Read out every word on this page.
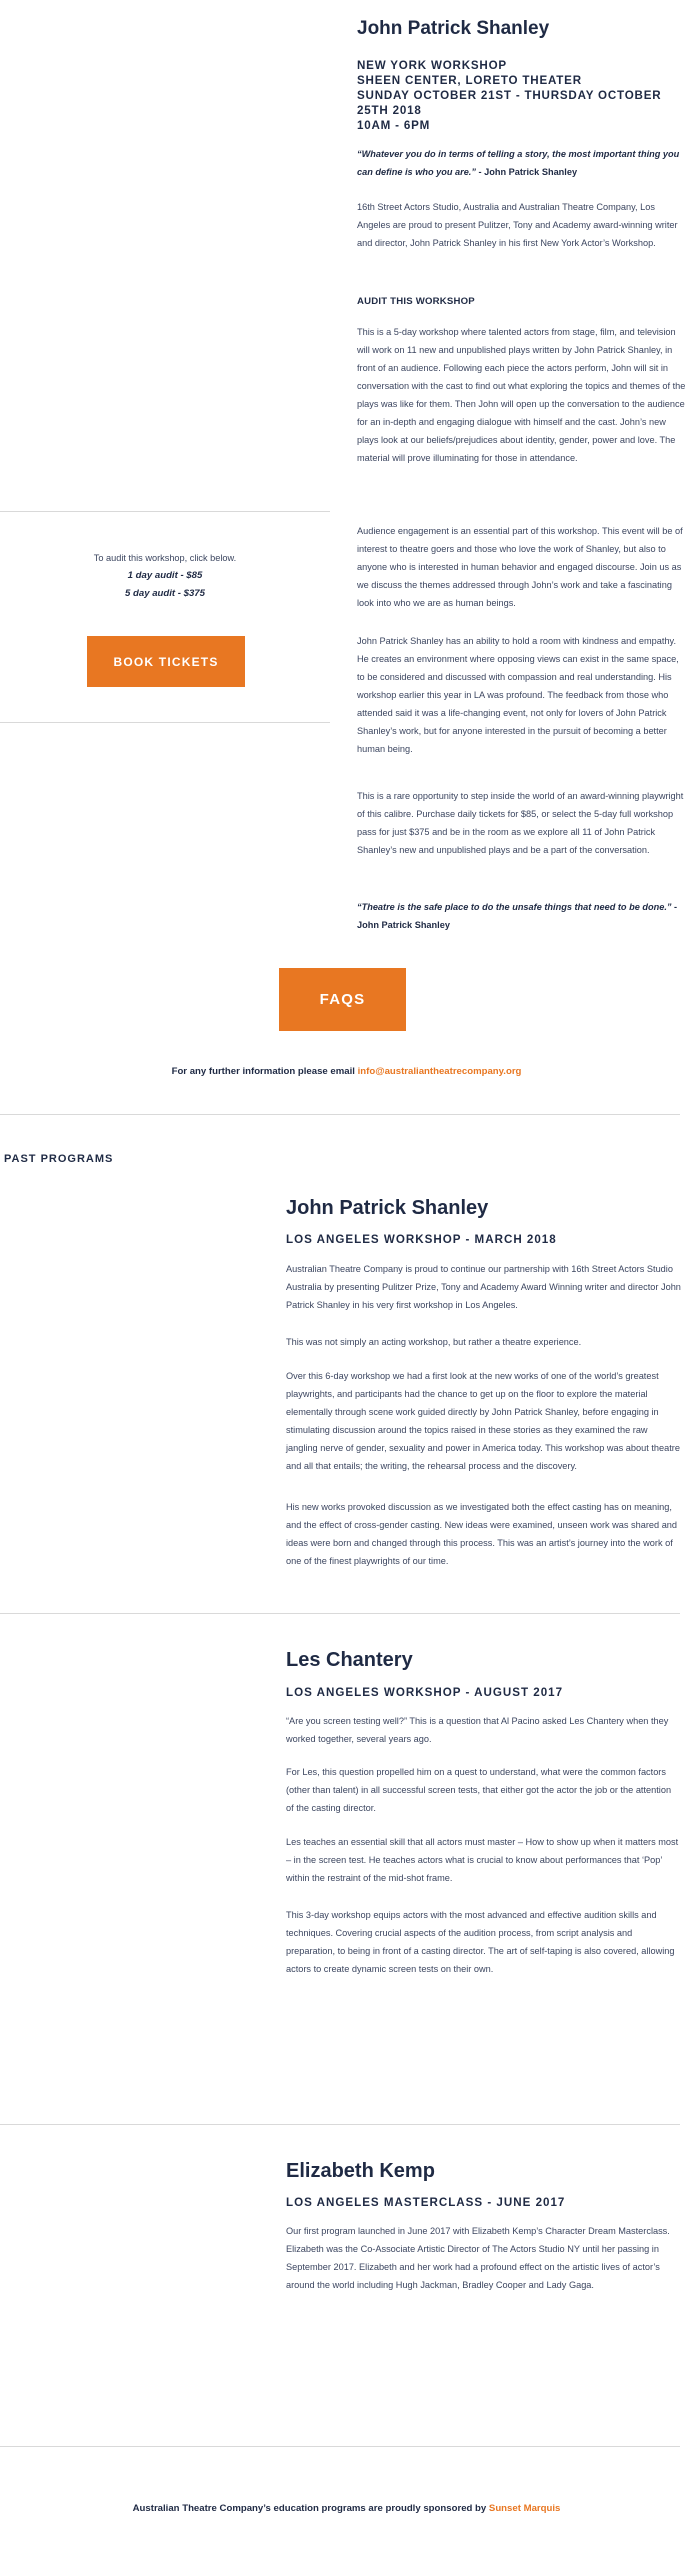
John Patrick Shanley
NEW YORK WORKSHOP
SHEEN CENTER, LORETO THEATER
SUNDAY OCTOBER 21ST - THURSDAY OCTOBER
25TH 2018
10AM - 6PM

“Whatever you do in terms of telling a story, the most important thing you can define is who you are.” - John Patrick Shanley

16th Street Actors Studio, Australia and Australian Theatre Company, Los Angeles are proud to present Pulitzer, Tony and Academy award-winning writer and director, John Patrick Shanley in his first New York Actor’s Workshop.

AUDIT THIS WORKSHOP

This is a 5-day workshop where talented actors from stage, film, and television will work on 11 new and unpublished plays written by John Patrick Shanley, in front of an audience. Following each piece the actors perform, John will sit in conversation with the cast to find out what exploring the topics and themes of the plays was like for them. Then John will open up the conversation to the audience for an in-depth and engaging dialogue with himself and the cast. John’s new plays look at our beliefs/prejudices about identity, gender, power and love. The material will prove illuminating for those in attendance.

Audience engagement is an essential part of this workshop. This event will be of interest to theatre goers and those who love the work of Shanley, but also to anyone who is interested in human behavior and engaged discourse. Join us as we discuss the themes addressed through John’s work and take a fascinating look into who we are as human beings.

John Patrick Shanley has an ability to hold a room with kindness and empathy. He creates an environment where opposing views can exist in the same space, to be considered and discussed with compassion and real understanding. His workshop earlier this year in LA was profound. The feedback from those who attended said it was a life-changing event, not only for lovers of John Patrick Shanley’s work, but for anyone interested in the pursuit of becoming a better human being.

This is a rare opportunity to step inside the world of an award-winning playwright of this calibre. Purchase daily tickets for $85, or select the 5-day full workshop pass for just $375 and be in the room as we explore all 11 of John Patrick Shanley’s new and unpublished plays and be a part of the conversation.

“Theatre is the safe place to do the unsafe things that need to be done.” - John Patrick Shanley

To audit this workshop, click below.
1 day audit - $85
5 day audit - $375
BOOK TICKETS
FAQS
For any further information please email info@australiantheatrecompany.org
PAST PROGRAMS
John Patrick Shanley
LOS ANGELES WORKSHOP - MARCH 2018

Australian Theatre Company is proud to continue our partnership with 16th Street Actors Studio Australia by presenting Pulitzer Prize, Tony and Academy Award Winning writer and director John Patrick Shanley in his very first workshop in Los Angeles.

This was not simply an acting workshop, but rather a theatre experience.

Over this 6-day workshop we had a first look at the new works of one of the world’s greatest playwrights, and participants had the chance to get up on the floor to explore the material elementally through scene work guided directly by John Patrick Shanley, before engaging in stimulating discussion around the topics raised in these stories as they examined the raw jangling nerve of gender, sexuality and power in America today. This workshop was about theatre and all that entails; the writing, the rehearsal process and the discovery.

His new works provoked discussion as we investigated both the effect casting has on meaning, and the effect of cross-gender casting. New ideas were examined, unseen work was shared and ideas were born and changed through this process. This was an artist’s journey into the work of one of the finest playwrights of our time.

Les Chantery
LOS ANGELES WORKSHOP - AUGUST 2017

“Are you screen testing well?” This is a question that Al Pacino asked Les Chantery when they worked together, several years ago.

For Les, this question propelled him on a quest to understand, what were the common factors (other than talent) in all successful screen tests, that either got the actor the job or the attention of the casting director.

Les teaches an essential skill that all actors must master – How to show up when it matters most – in the screen test. He teaches actors what is crucial to know about performances that ‘Pop’ within the restraint of the mid-shot frame.

This 3-day workshop equips actors with the most advanced and effective audition skills and techniques. Covering crucial aspects of the audition process, from script analysis and preparation, to being in front of a casting director. The art of self-taping is also covered, allowing actors to create dynamic screen tests on their own.

Elizabeth Kemp
LOS ANGELES MASTERCLASS - JUNE 2017

Our first program launched in June 2017 with Elizabeth Kemp’s Character Dream Masterclass. Elizabeth was the Co-Associate Artistic Director of The Actors Studio NY until her passing in September 2017. Elizabeth and her work had a profound effect on the artistic lives of actor’s around the world including Hugh Jackman, Bradley Cooper and Lady Gaga.

Australian Theatre Company’s education programs are proudly sponsored by Sunset Marquis
